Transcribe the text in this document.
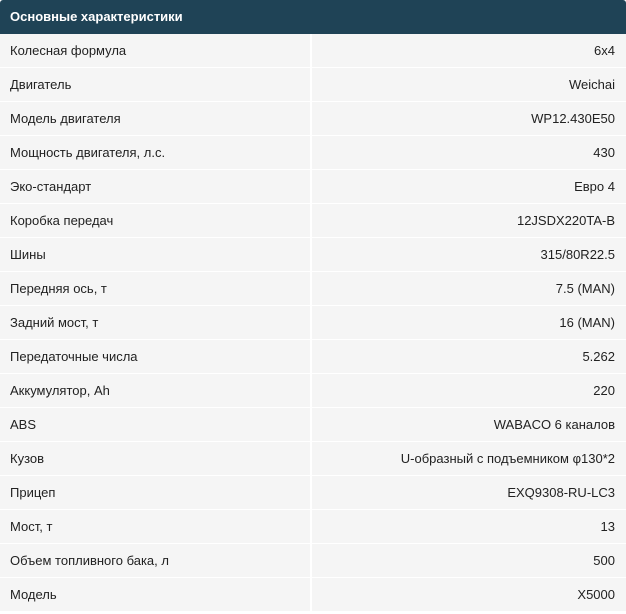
Основные характеристики
Колесная формула	6x4
Двигатель	Weichai
Модель двигателя	WP12.430E50
Мощность двигателя, л.с.	430
Эко-стандарт	Евро 4
Коробка передач	12JSDX220TA-B
Шины	315/80R22.5
Передняя ось, т	7.5 (MAN)
Задний мост, т	16 (MAN)
Передаточные числа	5.262
Аккумулятор, Ah	220
ABS	WABACO 6 каналов
Кузов	U-образный с подъемником φ130*2
Прицеп	EXQ9308-RU-LC3
Мост, т	13
Объем топливного бака, л	500
Модель	X5000
